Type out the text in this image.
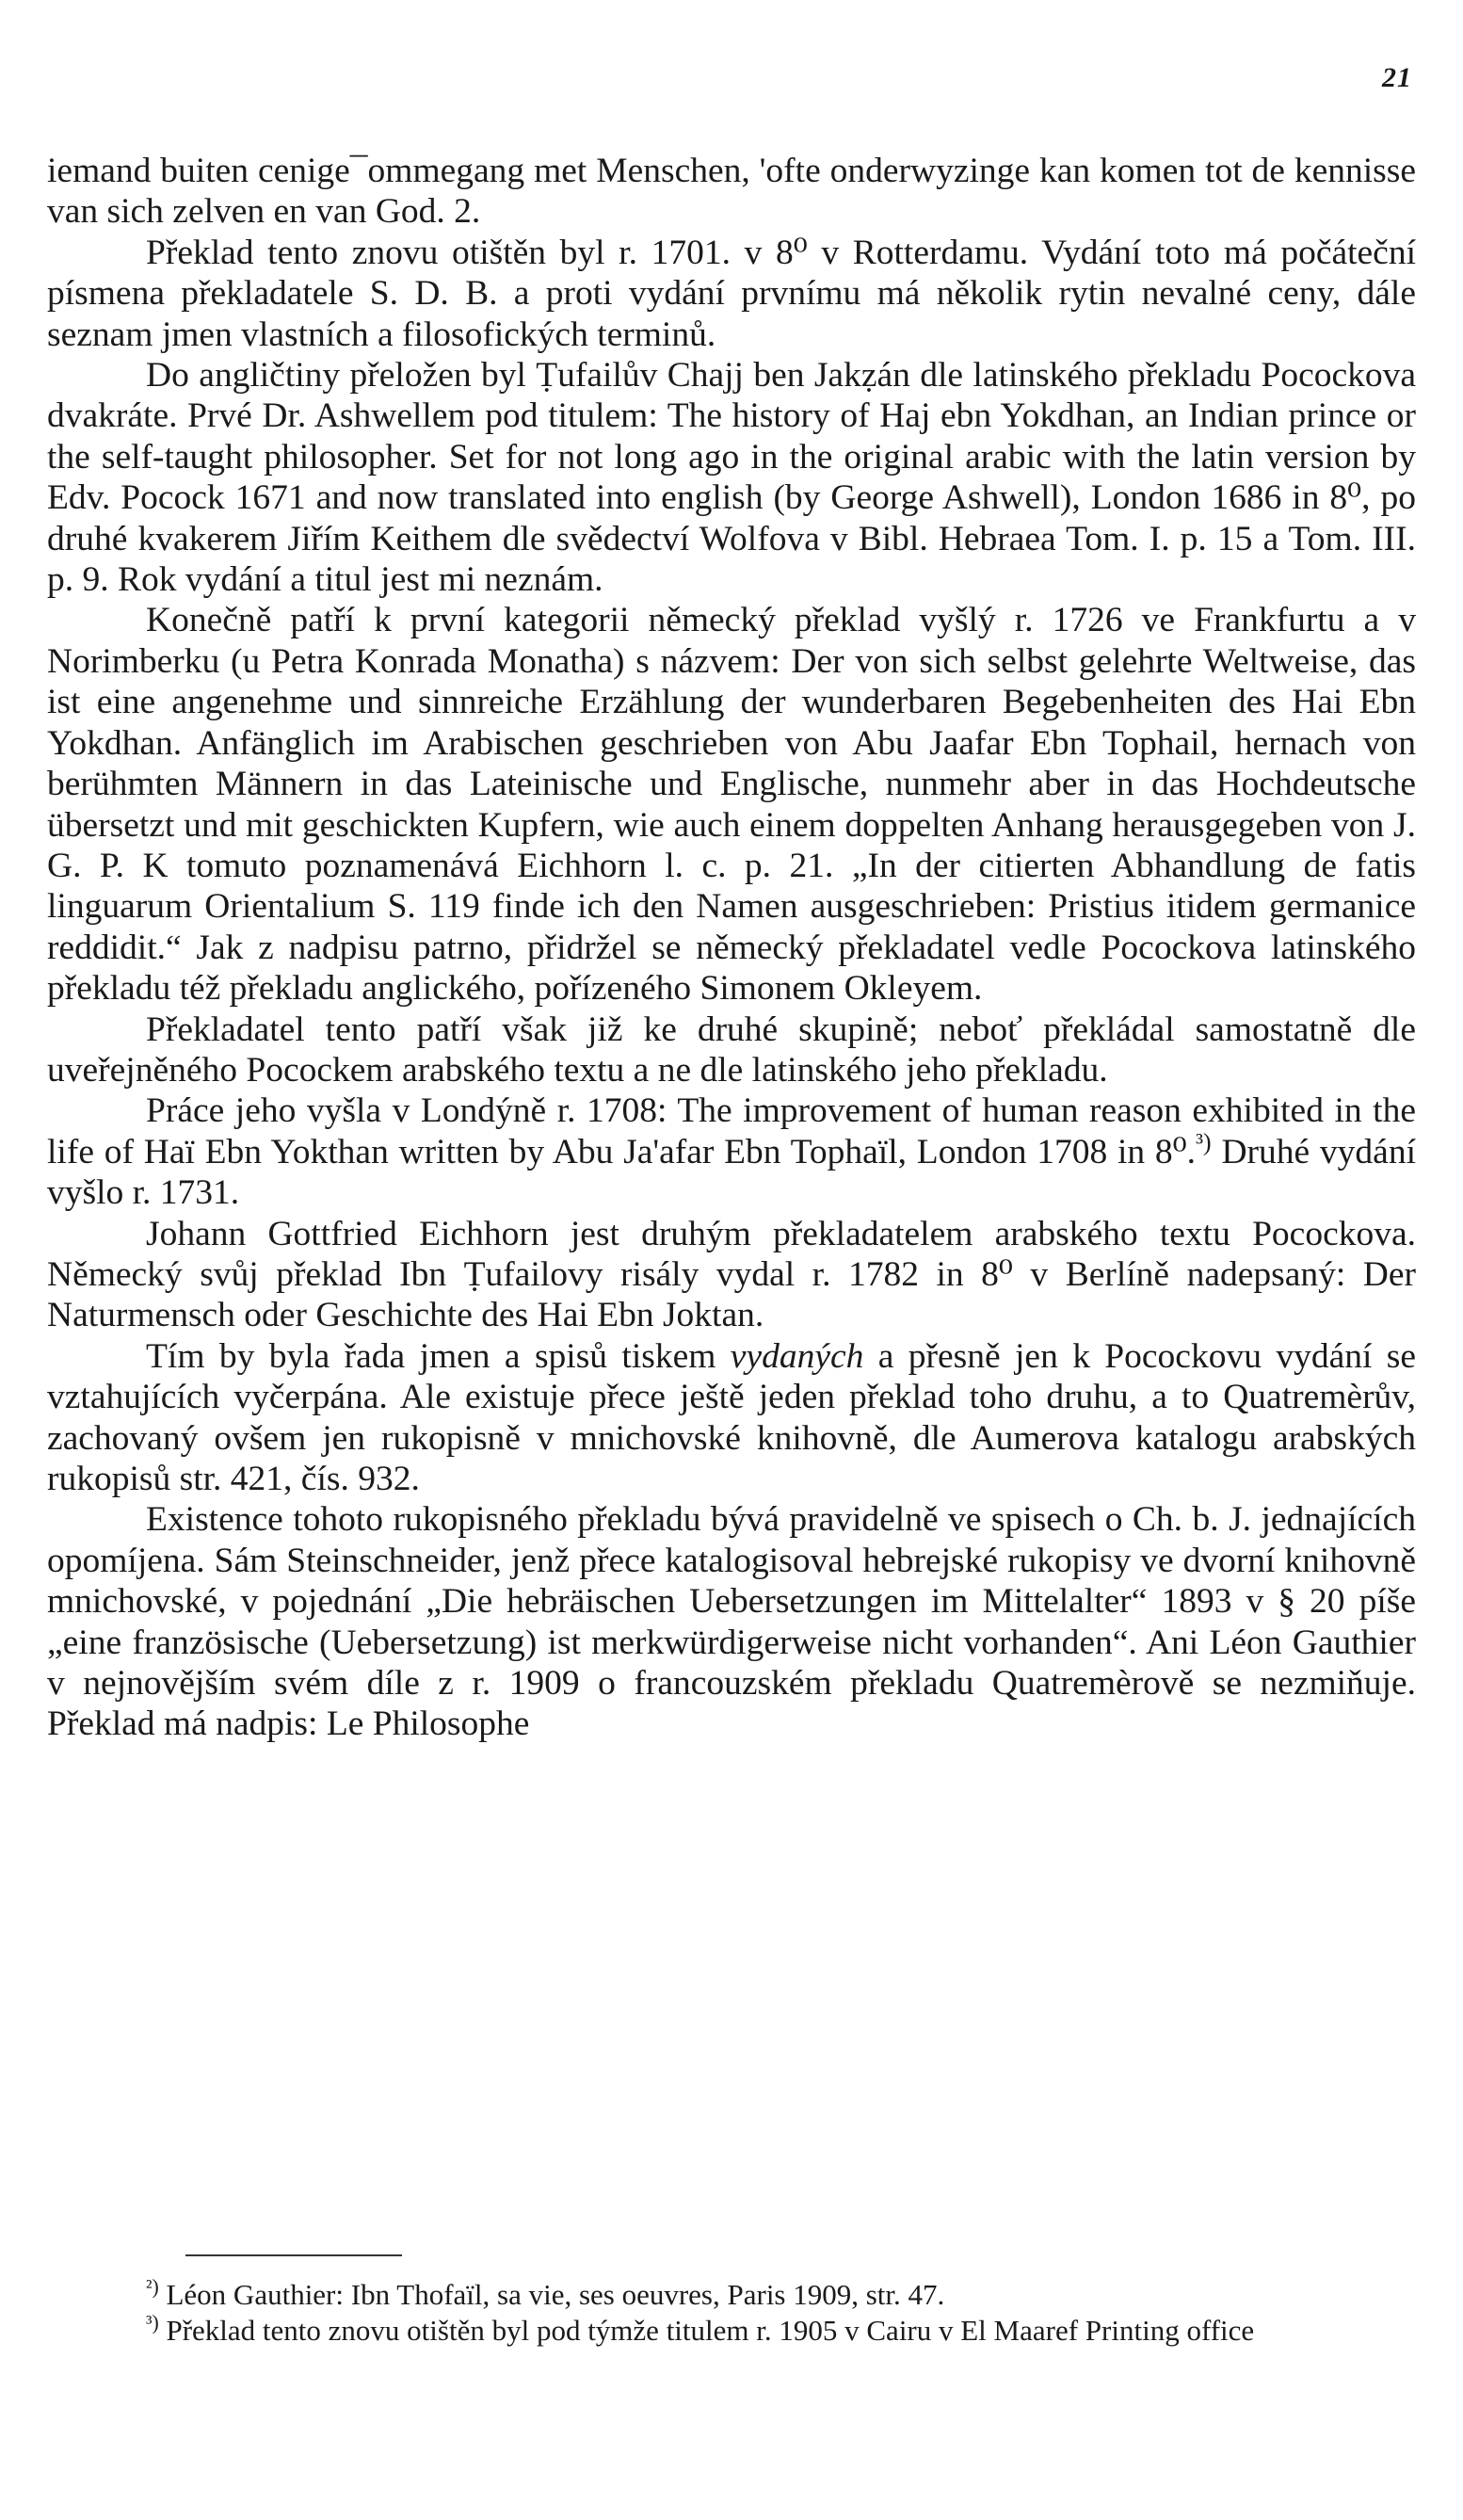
21

iemand buiten cenige¯ommegang met Menschen, 'ofte onderwyzinge kan komen tot de kennisse van sich zelven en van God. 2.

Překlad tento znovu otištěn byl r. 1701. v 8⁰ v Rotterdamu. Vydání toto má počáteční písmena překladatele S. D. B. a proti vydání prvnímu má několik rytin nevalné ceny, dále seznam jmen vlastních a filosofických terminů.

Do angličtiny přeložen byl Ṭufailův Chajj ben Jakẓán dle latinského překladu Pocockova dvakráte. Prvé Dr. Ashwellem pod titulem: The history of Haj ebn Yokdhan, an Indian prince or the self-taught philosopher. Set for not long ago in the original arabic with the latin version by Edv. Pocock 1671 and now translated into english (by George Ashwell), London 1686 in 8⁰, po druhé kvakerem Jiřím Keithem dle svědectví Wolfova v Bibl. Hebraea Tom. I. p. 15 a Tom. III. p. 9. Rok vydání a titul jest mi neznám.

Konečně patří k první kategorii německý překlad vyšlý r. 1726 ve Frankfurtu a v Norimberku (u Petra Konrada Monatha) s názvem: Der von sich selbst gelehrte Weltweise, das ist eine angenehme und sinnreiche Erzählung der wunderbaren Begebenheiten des Hai Ebn Yokdhan. Anfänglich im Arabischen geschrieben von Abu Jaafar Ebn Tophail, hernach von berühmten Männern in das Lateinische und Englische, nunmehr aber in das Hochdeutsche übersetzt und mit geschickten Kupfern, wie auch einem doppelten Anhang herausgegeben von J. G. P. K tomuto poznamenává Eichhorn l. c. p. 21. „In der citierten Abhandlung de fatis linguarum Orientalium S. 119 finde ich den Namen ausgeschrieben: Pristius itidem germanice reddidit.“ Jak z nadpisu patrno, přidržel se německý překladatel vedle Pocockova latinského překladu též překladu anglického, pořízeného Simonem Okleyem.

Překladatel tento patří však již ke druhé skupině; neboť překládal samostatně dle uveřejněného Pocockem arabského textu a ne dle latinského jeho překladu.

Práce jeho vyšla v Londýně r. 1708: The improvement of human reason exhibited in the life of Haï Ebn Yokthan written by Abu Ja'afar Ebn Tophaïl, London 1708 in 8⁰.$^{^3)}$ Druhé vydání vyšlo r. 1731.

Johann Gottfried Eichhorn jest druhým překladatelem arabského textu Pocockova. Německý svůj překlad Ibn Ṭufailovy risály vydal r. 1782 in 8⁰ v Berlíně nadepsaný: Der Naturmensch oder Geschichte des Hai Ebn Joktan.

Tím by byla řada jmen a spisů tiskem vydaných a přesně jen k Pocockovu vydání se vztahujících vyčerpána. Ale existuje přece ještě jeden překlad toho druhu, a to Quatremèrův, zachovaný ovšem jen rukopisně v mnichovské knihovně, dle Aumerova katalogu arabských rukopisů str. 421, čís. 932.

Existence tohoto rukopisného překladu bývá pravidelně ve spisech o Ch. b. J. jednajících opomíjena. Sám Steinschneider, jenž přece katalogisoval hebrejské rukopisy ve dvorní knihovně mnichovské, v pojednání „Die hebräischen Uebersetzungen im Mittelalter“ 1893 v § 20 píše „eine französische (Uebersetzung) ist merkwürdigerweise nicht vorhanden“. Ani Léon Gauthier v nejnovějším svém díle z r. 1909 o francouzském překladu Quatremèrově se nezmiňuje. Překlad má nadpis: Le Philosophe

$^{^2)}$ Léon Gauthier: Ibn Thofaïl, sa vie, ses oeuvres, Paris 1909, str. 47.

$^{^3)}$ Překlad tento znovu otištěn byl pod týmže titulem r. 1905 v Cairu v El Maaref Printing office
